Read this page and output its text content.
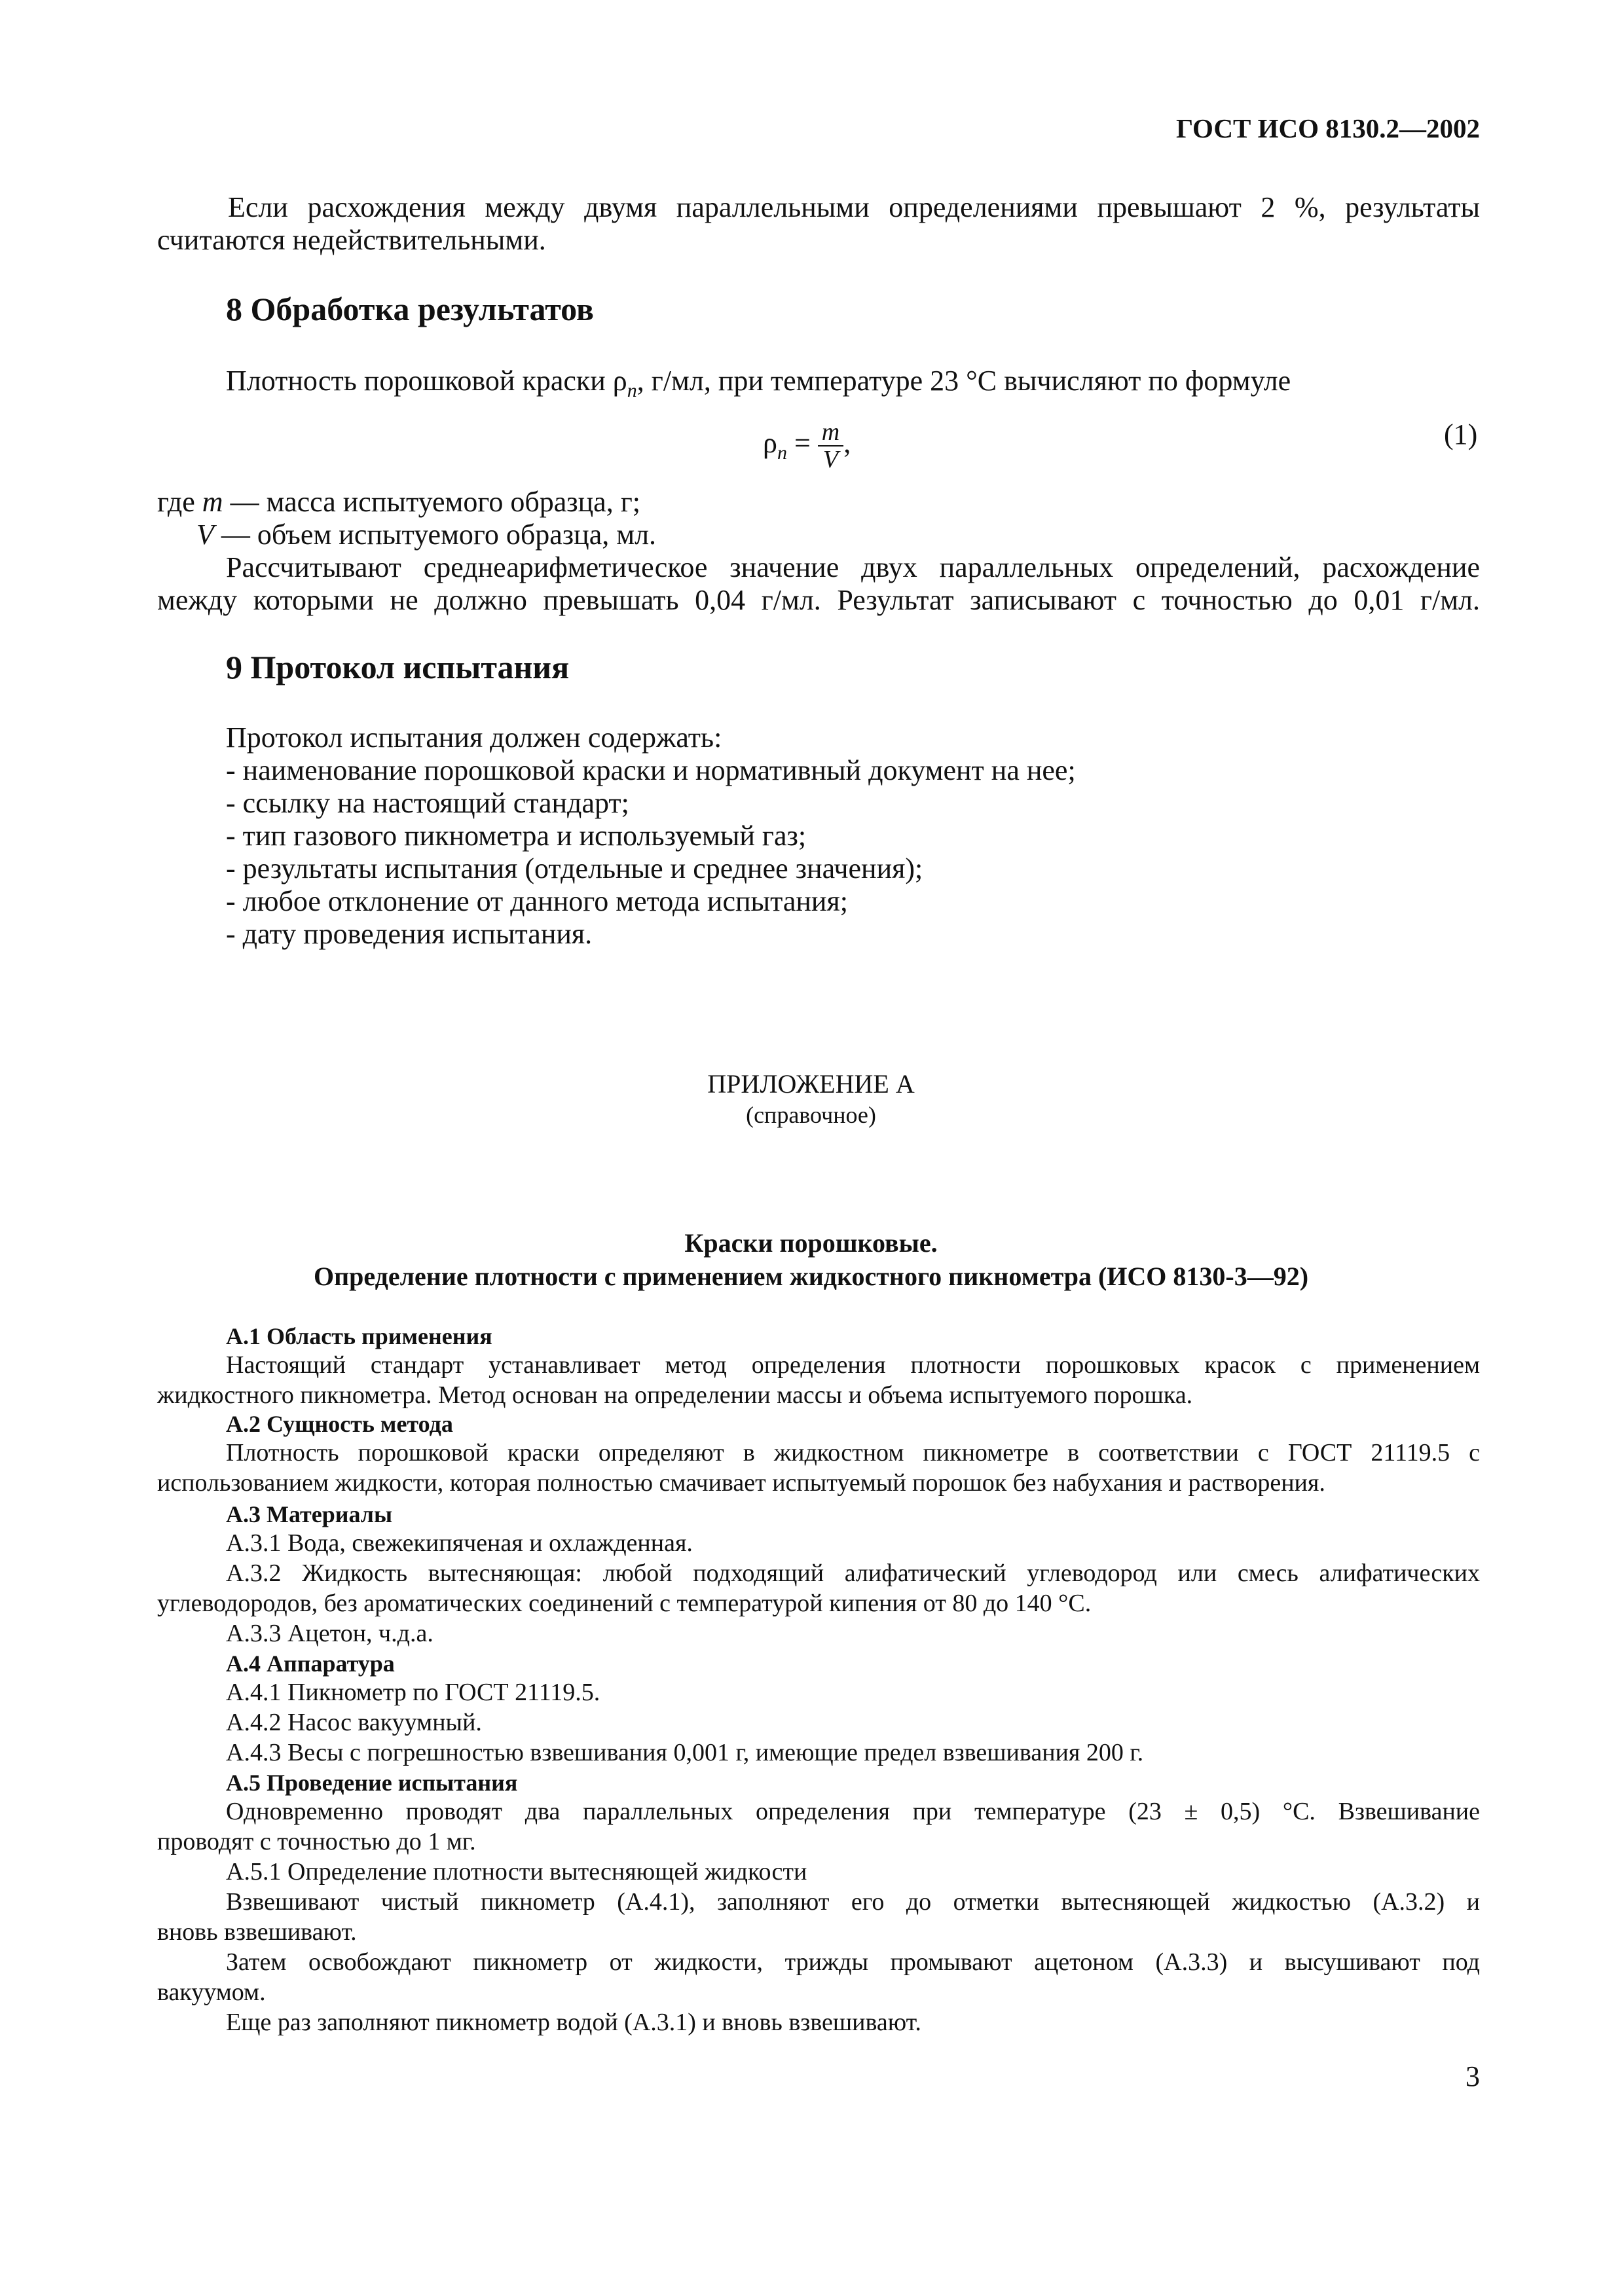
ГОСТ ИСО 8130.2—2002
Если расхождения между двумя параллельными определениями превышают 2 %, результаты
считаются недействительными.
8 Обработка результатов
Плотность порошковой краски $\rho_n$, г/мл, при температуре 23 °С вычисляют по формуле
$\rho_n = \frac{m}{V}$ ,	(1)
где m — масса испытуемого образца, г;
V — объем испытуемого образца, мл.
Рассчитывают среднеарифметическое значение двух параллельных определений, расхождение
между которыми не должно превышать 0,04 г/мл. Результат записывают с точностью до 0,01 г/мл.
9 Протокол испытания
Протокол испытания должен содержать:
- наименование порошковой краски и нормативный документ на нее;
- ссылку на настоящий стандарт;
- тип газового пикнометра и используемый газ;
- результаты испытания (отдельные и среднее значения);
- любое отклонение от данного метода испытания;
- дату проведения испытания.
ПРИЛОЖЕНИЕ А
(справочное)
Краски порошковые.
Определение плотности с применением жидкостного пикнометра (ИСО 8130-3—92)
А.1 Область применения
Настоящий стандарт устанавливает метод определения плотности порошковых красок с применением
жидкостного пикнометра. Метод основан на определении массы и объема испытуемого порошка.
А.2 Сущность метода
Плотность порошковой краски определяют в жидкостном пикнометре в соответствии с ГОСТ 21119.5 с
использованием жидкости, которая полностью смачивает испытуемый порошок без набухания и растворения.
А.3 Материалы
А.3.1 Вода, свежекипяченая и охлажденная.
А.3.2 Жидкость вытесняющая: любой подходящий алифатический углеводород или смесь алифатических
углеводородов, без ароматических соединений с температурой кипения от 80 до 140 °С.
А.3.3 Ацетон, ч.д.а.
А.4 Аппаратура
А.4.1 Пикнометр по ГОСТ 21119.5.
А.4.2 Насос вакуумный.
А.4.3 Весы с погрешностью взвешивания 0,001 г, имеющие предел взвешивания 200 г.
А.5 Проведение испытания
Одновременно проводят два параллельных определения при температуре (23 ± 0,5) °С. Взвешивание
проводят с точностью до 1 мг.
А.5.1 Определение плотности вытесняющей жидкости
Взвешивают чистый пикнометр (А.4.1), заполняют его до отметки вытесняющей жидкостью (А.3.2) и
вновь взвешивают.
Затем освобождают пикнометр от жидкости, трижды промывают ацетоном (А.3.3) и высушивают под
вакуумом.
Еще раз заполняют пикнометр водой (А.3.1) и вновь взвешивают.
3
